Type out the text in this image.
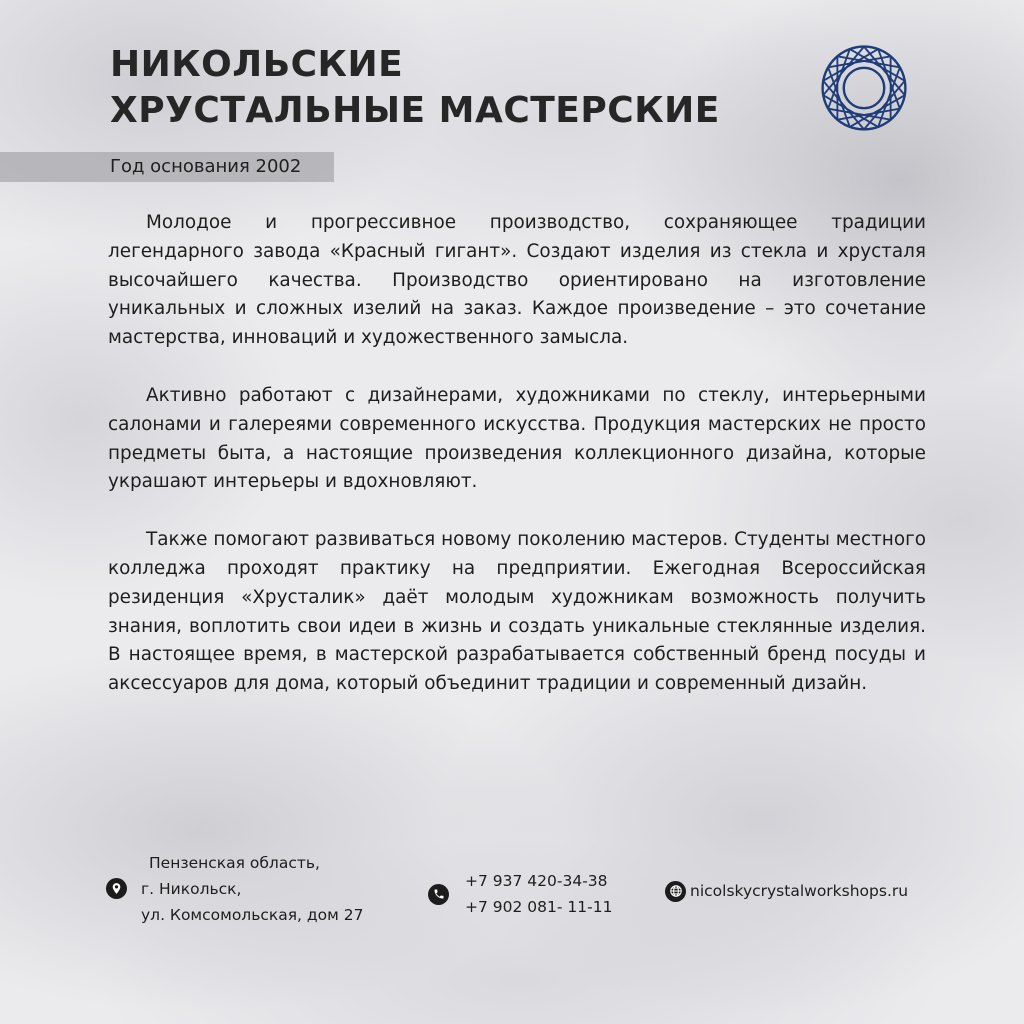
НИКОЛЬСКИЕ
ХРУСТАЛЬНЫЕ МАСТЕРСКИЕ
Год основания 2002

Молодое и прогрессивное производство, сохраняющее традиции легендарного завода «Красный гигант». Создают изделия из стекла и хрусталя высочайшего качества. Производство ориентировано на изготовление уникальных и сложных изелий на заказ. Каждое произведение – это сочетание мастерства, инноваций и художественного замысла.

Активно работают с дизайнерами, художниками по стеклу, интерьерными салонами и галереями современного искусства. Продукция мастерских не просто предметы быта, а настоящие произведения коллекционного дизайна, которые украшают интерьеры и вдохновляют.

Также помогают развиваться новому поколению мастеров. Студенты местного колледжа проходят практику на предприятии. Ежегодная Всероссийская резиденция «Хрусталик» даёт молодым художникам возможность получить знания, воплотить свои идеи в жизнь и создать уникальные стеклянные изделия. В настоящее время, в мастерской разрабатывается собственный бренд посуды и аксессуаров для дома, который объединит традиции и современный дизайн.

Пензенская область,
г. Никольск,
ул. Комсомольская, дом 27
+7 937 420-34-38
+7 902 081- 11-11
nicolskycrystalworkshops.ru
